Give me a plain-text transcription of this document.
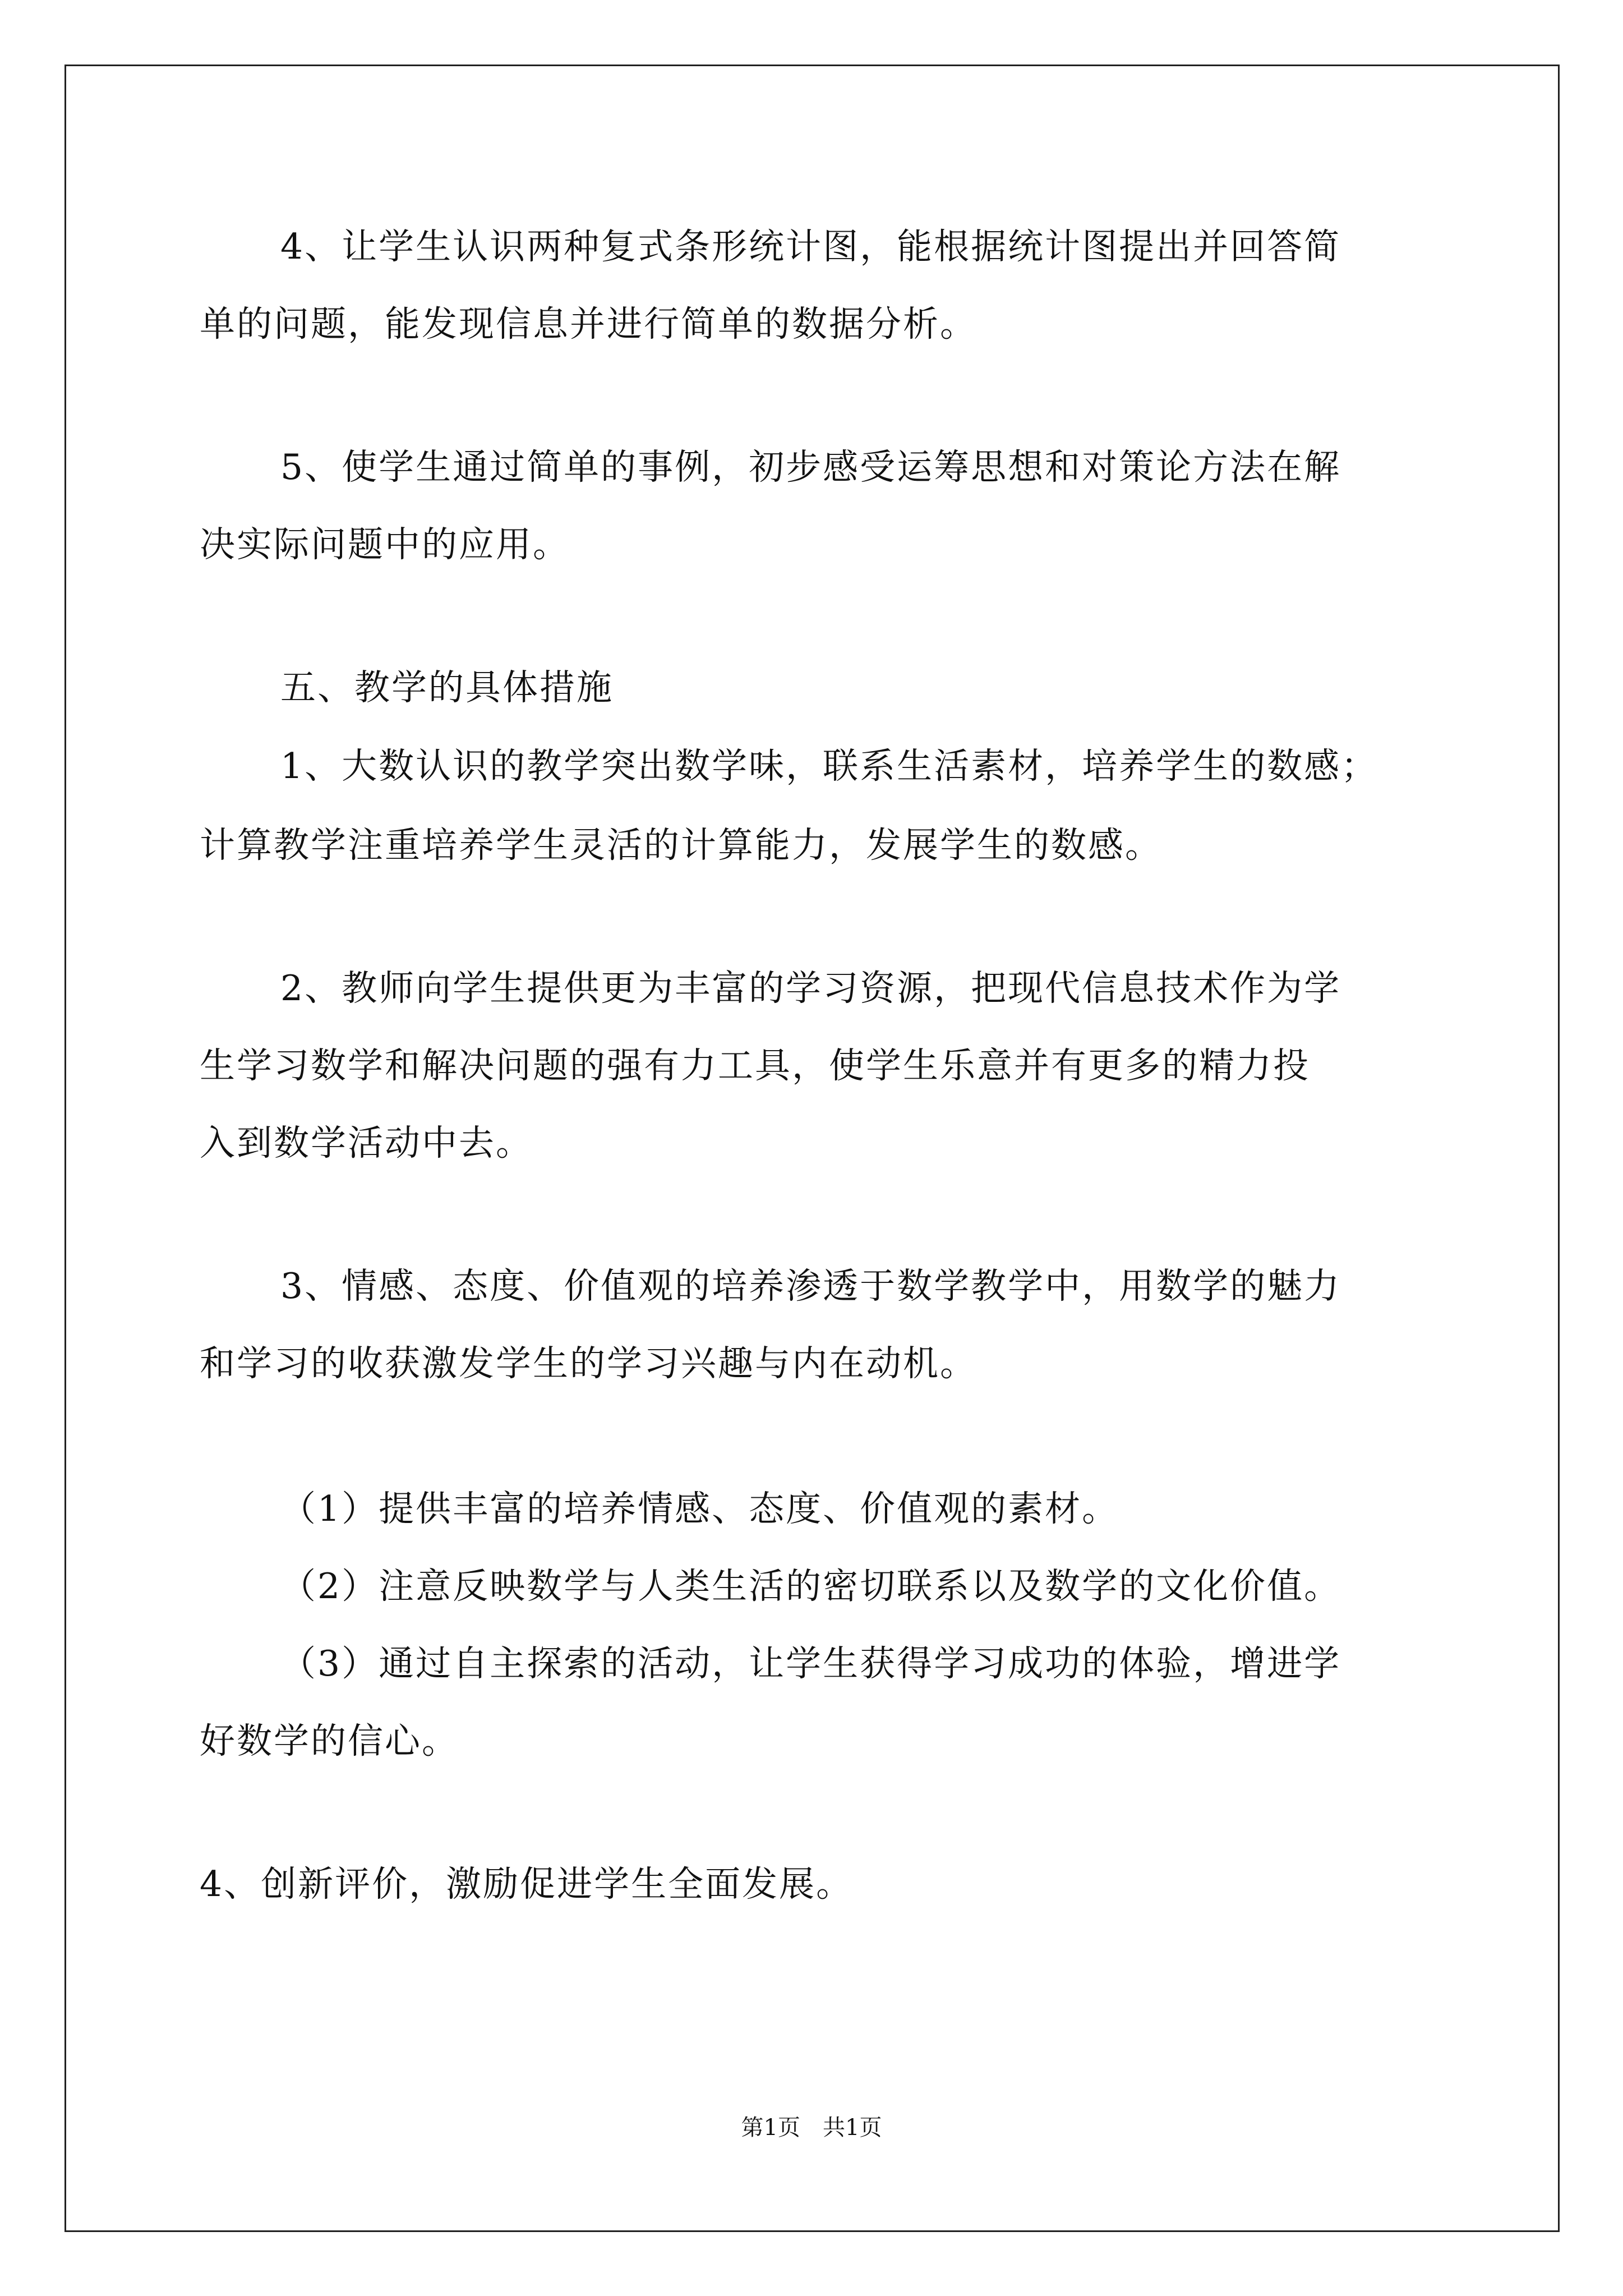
4、让学生认识两种复式条形统计图，能根据统计图提出并回答简
单的问题，能发现信息并进行简单的数据分析。
5、使学生通过简单的事例，初步感受运筹思想和对策论方法在解
决实际问题中的应用。
五、教学的具体措施
1、大数认识的教学突出数学味，联系生活素材，培养学生的数感；
计算教学注重培养学生灵活的计算能力，发展学生的数感。
2、教师向学生提供更为丰富的学习资源，把现代信息技术作为学
生学习数学和解决问题的强有力工具，使学生乐意并有更多的精力投
入到数学活动中去。
3、情感、态度、价值观的培养渗透于数学教学中，用数学的魅力
和学习的收获激发学生的学习兴趣与内在动机。
（1）提供丰富的培养情感、态度、价值观的素材。
（2）注意反映数学与人类生活的密切联系以及数学的文化价值。
（3）通过自主探索的活动，让学生获得学习成功的体验，增进学
好数学的信心。
4、创新评价，激励促进学生全面发展。
第1页 共1页
